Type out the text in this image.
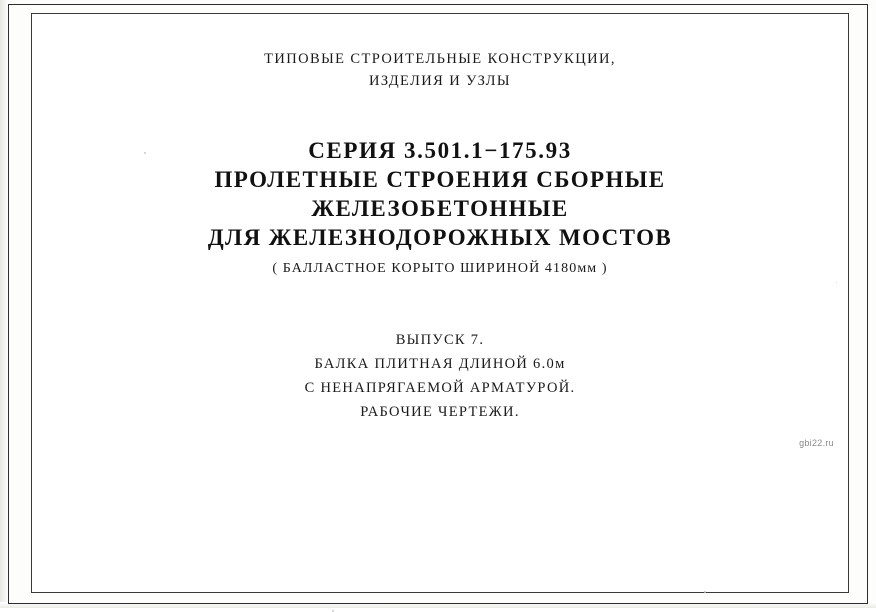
ТИПОВЫЕ СТРОИТЕЛЬНЫЕ КОНСТРУКЦИИ,
ИЗДЕЛИЯ И УЗЛЫ
СЕРИЯ 3.501.1−175.93
ПРОЛЕТНЫЕ СТРОЕНИЯ СБОРНЫЕ
ЖЕЛЕЗОБЕТОННЫЕ
ДЛЯ ЖЕЛЕЗНОДОРОЖНЫХ МОСТОВ
( БАЛЛАСТНОЕ КОРЫТО ШИРИНОЙ 4180мм )
ВЫПУСК 7.
БАЛКА ПЛИТНАЯ ДЛИНОЙ 6.0м
С НЕНАПРЯГАЕМОЙ АРМАТУРОЙ.
РАБОЧИЕ ЧЕРТЕЖИ.
gbi22.ru
